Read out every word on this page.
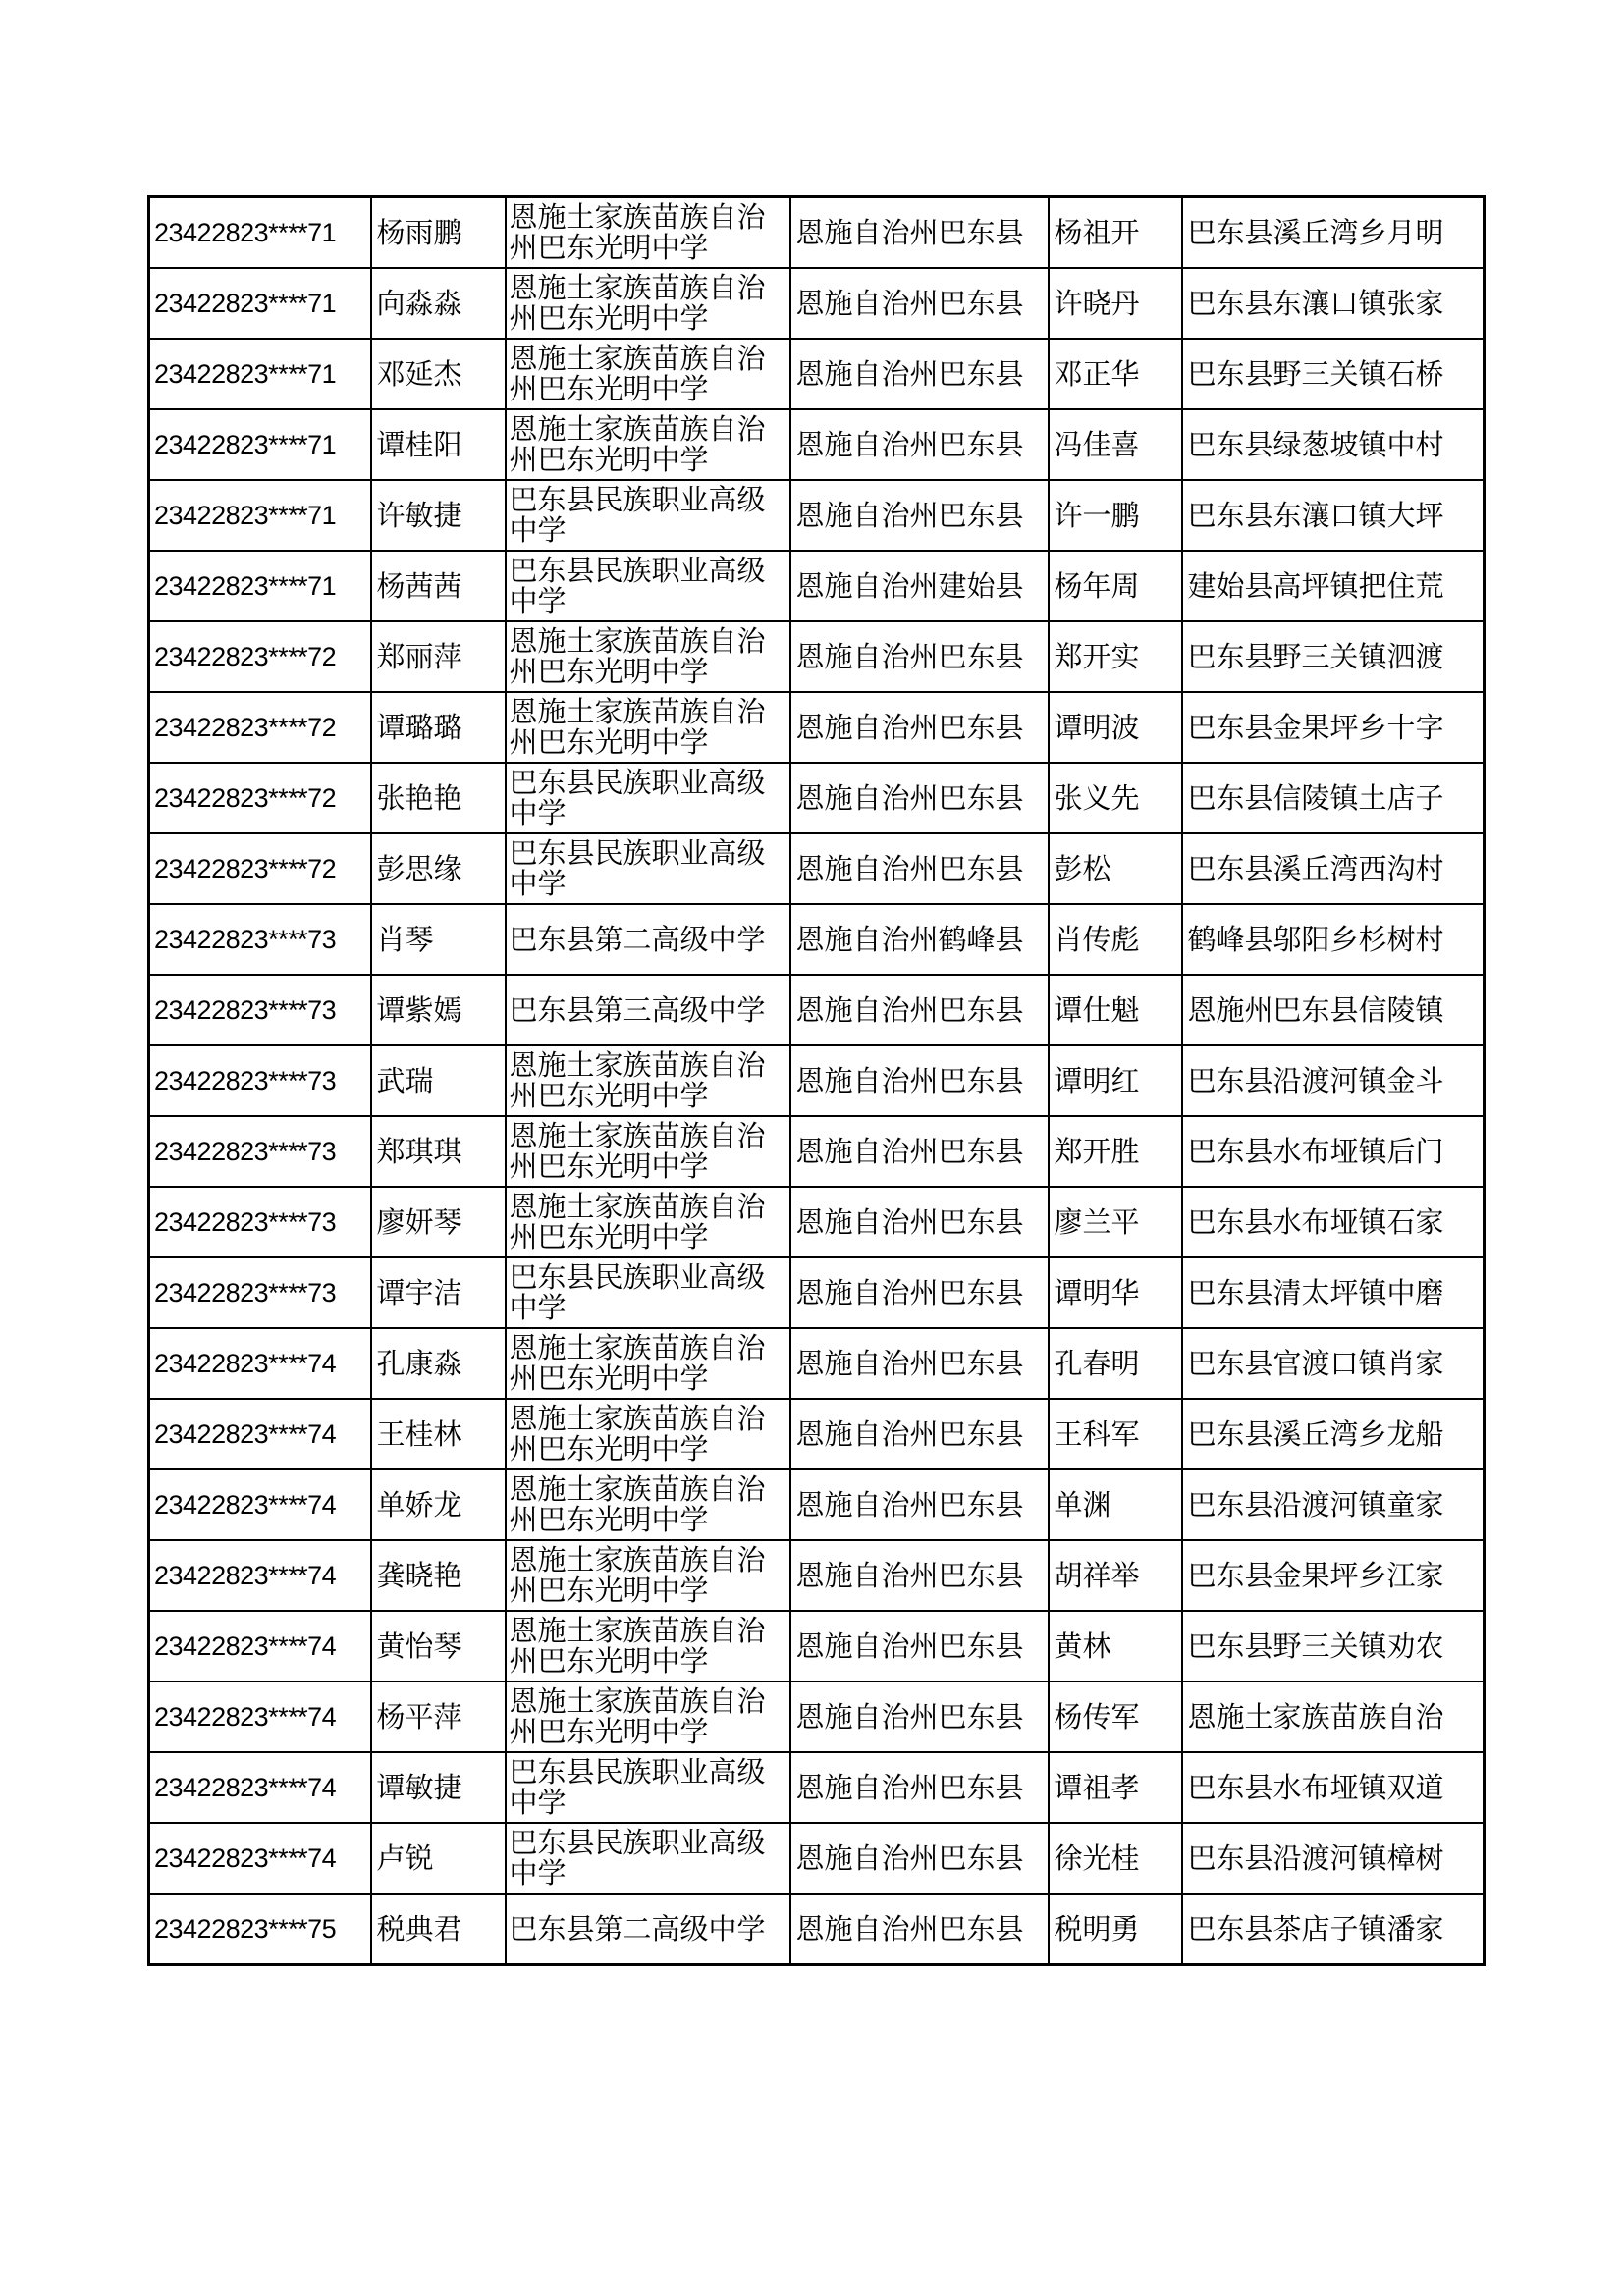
23422823****71	杨雨鹏	恩施土家族苗族自治州巴东光明中学	恩施自治州巴东县	杨祖开	巴东县溪丘湾乡月明
23422823****71	向淼淼	恩施土家族苗族自治州巴东光明中学	恩施自治州巴东县	许晓丹	巴东县东瀼口镇张家
23422823****71	邓延杰	恩施土家族苗族自治州巴东光明中学	恩施自治州巴东县	邓正华	巴东县野三关镇石桥
23422823****71	谭桂阳	恩施土家族苗族自治州巴东光明中学	恩施自治州巴东县	冯佳喜	巴东县绿葱坡镇中村
23422823****71	许敏捷	巴东县民族职业高级中学	恩施自治州巴东县	许一鹏	巴东县东瀼口镇大坪
23422823****71	杨茜茜	巴东县民族职业高级中学	恩施自治州建始县	杨年周	建始县高坪镇把住荒
23422823****72	郑丽萍	恩施土家族苗族自治州巴东光明中学	恩施自治州巴东县	郑开实	巴东县野三关镇泗渡
23422823****72	谭璐璐	恩施土家族苗族自治州巴东光明中学	恩施自治州巴东县	谭明波	巴东县金果坪乡十字
23422823****72	张艳艳	巴东县民族职业高级中学	恩施自治州巴东县	张义先	巴东县信陵镇土店子
23422823****72	彭思缘	巴东县民族职业高级中学	恩施自治州巴东县	彭松	巴东县溪丘湾西沟村
23422823****73	肖琴	巴东县第二高级中学	恩施自治州鹤峰县	肖传彪	鹤峰县邬阳乡杉树村
23422823****73	谭紫嫣	巴东县第三高级中学	恩施自治州巴东县	谭仕魁	恩施州巴东县信陵镇
23422823****73	武瑞	恩施土家族苗族自治州巴东光明中学	恩施自治州巴东县	谭明红	巴东县沿渡河镇金斗
23422823****73	郑琪琪	恩施土家族苗族自治州巴东光明中学	恩施自治州巴东县	郑开胜	巴东县水布垭镇后门
23422823****73	廖妍琴	恩施土家族苗族自治州巴东光明中学	恩施自治州巴东县	廖兰平	巴东县水布垭镇石家
23422823****73	谭宇洁	巴东县民族职业高级中学	恩施自治州巴东县	谭明华	巴东县清太坪镇中磨
23422823****74	孔康淼	恩施土家族苗族自治州巴东光明中学	恩施自治州巴东县	孔春明	巴东县官渡口镇肖家
23422823****74	王桂林	恩施土家族苗族自治州巴东光明中学	恩施自治州巴东县	王科军	巴东县溪丘湾乡龙船
23422823****74	单娇龙	恩施土家族苗族自治州巴东光明中学	恩施自治州巴东县	单渊	巴东县沿渡河镇童家
23422823****74	龚晓艳	恩施土家族苗族自治州巴东光明中学	恩施自治州巴东县	胡祥举	巴东县金果坪乡江家
23422823****74	黄怡琴	恩施土家族苗族自治州巴东光明中学	恩施自治州巴东县	黄林	巴东县野三关镇劝农
23422823****74	杨平萍	恩施土家族苗族自治州巴东光明中学	恩施自治州巴东县	杨传军	恩施土家族苗族自治
23422823****74	谭敏捷	巴东县民族职业高级中学	恩施自治州巴东县	谭祖孝	巴东县水布垭镇双道
23422823****74	卢锐	巴东县民族职业高级中学	恩施自治州巴东县	徐光桂	巴东县沿渡河镇樟树
23422823****75	税典君	巴东县第二高级中学	恩施自治州巴东县	税明勇	巴东县茶店子镇潘家
